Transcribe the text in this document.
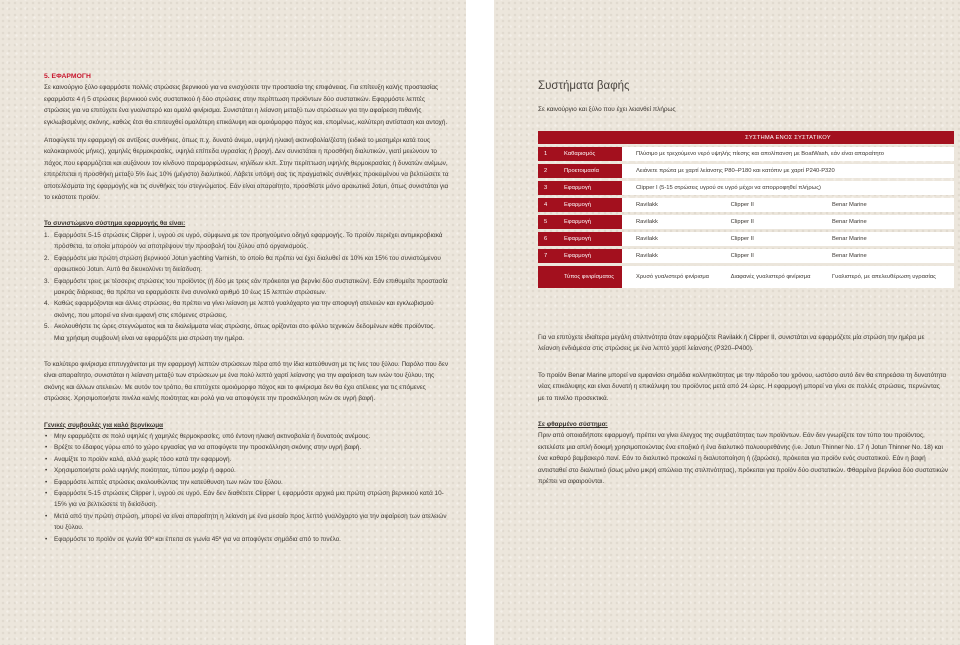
5. ΕΦΑΡΜΟΓΗ

Σε καινούργιο ξύλο εφαρμόστε πολλές στρώσεις βερνικιού για να ενισχύσετε την προστασία της επιφάνειας. Για επίτευξη καλής προστασίας εφαρμόστε 4 ή 5 στρώσεις βερνικιού ενός συστατικού ή δύο στρώσεις στην περίπτωση προϊόντων δύο συστατικών. Εφαρμόστε λεπτές στρώσεις για να επιτύχετε ένα γυαλιστερό και ομαλό φινίρισμα. Συνιστάται η λείανση μεταξύ των στρώσεων για την αφαίρεση πιθανής εγκλωβισμένης σκόνης, καθώς έτσι θα επιτευχθεί ομαλότερη επικάλυψη και ομοιόμορφο πάχος και, επομένως, καλύτερη αντίσταση και αντοχή.

Αποφύγετε την εφαρμογή σε αντίξοες συνθήκες, όπως π.χ. δυνατό άνεμο, υψηλή ηλιακή ακτινοβολία/ζέστη (ειδικά το μεσημέρι κατά τους καλοκαιρινούς μήνες), χαμηλές θερμοκρασίες, υψηλά επίπεδα υγρασίας ή βροχή. Δεν συνιστάται η προσθήκη διαλυτικών, γιατί μειώνουν το πάχος που εφαρμόζεται και αυξάνουν τον κίνδυνο παραμορφώσεων, κηλίδων κλπ. Στην περίπτωση υψηλής θερμοκρασίας ή δυνατών ανέμων, επιτρέπεται η προσθήκη μεταξύ 5% έως 10% (μέγιστο) διαλυτικού. Λάβετε υπόψη σας τις πραγματικές συνθήκες προκειμένου να βελτιώσετε τα αποτελέσματα της εφαρμογής και τις συνθήκες του στεγνώματος. Εάν είναι απαραίτητο, προσθέστε μόνο αραιωτικά Jotun, όπως συνιστάται για το εκάστοτε προϊόν.

Το συνιστώμενο σύστημα εφαρμογής θα είναι:

1. Εφαρμόστε 5-15 στρώσεις Clipper I, υγρού σε υγρό, σύμφωνα με τον προηγούμενο οδηγό εφαρμογής. Το προϊόν περιέχει αντιμικροβιακά πρόσθετα, τα οποία μπορούν να αποτρέψουν την προσβολή του ξύλου από οργανισμούς.
2. Εφαρμόστε μια πρώτη στρώση βερνικιού Jotun yachting Varnish, το οποίο θα πρέπει να έχει διαλυθεί σε 10% και 15% του συνιστώμενου αραιωτικού Jotun. Αυτό θα διευκολύνει τη διείσδυση.
3. Εφαρμόστε τρεις με τέσσερις στρώσεις του προϊόντος (ή δύο με τρεις εάν πρόκειται για βερνίκι δύο συστατικών). Εάν επιθυμείτε προστασία μακράς διάρκειας, θα πρέπει να εφαρμόσετε ένα συνολικό αριθμό 10 έως 15 λεπτών στρώσεων.
4. Καθώς εφαρμόζονται και άλλες στρώσεις, θα πρέπει να γίνει λείανση με λεπτό γυαλόχαρτο για την αποφυγή ατελειών και εγκλωβισμού σκόνης, που μπορεί να είναι εμφανή στις επόμενες στρώσεις.
5. Ακολουθήστε τις ώρες στεγνώματος και τα διαλείμματα νέας στρώσης, όπως ορίζονται στο φύλλο τεχνικών δεδομένων κάθε προϊόντος.
Μια χρήσιμη συμβουλή είναι να εφαρμόζετε μια στρώση την ημέρα.

Το καλύτερο φινίρισμα επιτυγχάνεται με την εφαρμογή λεπτών στρώσεων πέρα από την ίδια κατεύθυνση με τις ίνες του ξύλου. Παρόλο που δεν είναι απαραίτητο, συνιστάται η λείανση μεταξύ των στρώσεων με ένα πολύ λεπτό χαρτί λείανσης για την αφαίρεση των ινών του ξύλου, της σκόνης και άλλων ατελειών. Με αυτόν τον τρόπο, θα επιτύχετε ομοιόμορφο πάχος και το φινίρισμα δεν θα έχει ατέλειες για τις επόμενες στρώσεις. Χρησιμοποιήστε πινέλα καλής ποιότητας και ρολό για να αποφύγετε την προσκόλληση ινών σε υγρή βαφή.

Γενικές συμβουλές για καλό βερνίκωμα

• Μην εφαρμόζετε σε πολύ υψηλές ή χαμηλές θερμοκρασίες, υπό έντονη ηλιακή ακτινοβολία ή δυνατούς ανέμους.
• Βρέξτε το έδαφος γύρω από το χώρο εργασίας για να αποφύγετε την προσκόλληση σκόνης στην υγρή βαφή.
• Αναμίξτε το προϊόν καλά, αλλά χωρίς τόσο κατά την εφαρμογή.
• Χρησιμοποιήστε ρολά υψηλής ποιότητας, τύπου μοχέρ ή αφρού.
• Εφαρμόστε λεπτές στρώσεις ακολουθώντας την κατεύθυνση των ινών του ξύλου.
• Εφαρμόστε 5-15 στρώσεις Clipper I, υγρού σε υγρό. Εάν δεν διαθέτετε Clipper I, εφαρμόστε αρχικά μια πρώτη στρώση βερνικιού κατά 10-15% για να βελτιώσετε τη διείσδυση.
• Μετά από την πρώτη στρώση, μπορεί να είναι απαραίτητη η λείανση με ένα μεσαίο προς λεπτό γυαλόχαρτο για την αφαίρεση των ατελειών του ξύλου.
• Εφαρμόστε το προϊόν σε γωνία 90º και έπειτα σε γωνία 45º για να αποφύγετε σημάδια από το πινέλο.
Συστήματα βαφής
Σε καινούργιο και ξύλο που έχει λειανθεί πλήρως
		ΣΥΣΤΗΜΑ ΕΝΟΣ ΣΥΣΤΑΤΙΚΟΥ		
1	Καθαρισμός	Πλύσιμο με τρεχούμενο νερό υψηλής πίεσης και απολίπανση με BoatWash, εάν είναι απαραίτητο		
2	Προετοιμασία	Λειάνετε πρώτα με χαρτί λείανσης P80–P180 και κατόπιν με χαρτί P240-P320		
3	Εφαρμογή	Clipper I (5-15 στρώσεις υγρού σε υγρό μέχρι να απορροφηθεί πλήρως)		
4	Εφαρμογή	Ravilakk	Clipper II	Benar Marine
5	Εφαρμογή	Ravilakk	Clipper II	Benar Marine
6	Εφαρμογή	Ravilakk	Clipper II	Benar Marine
7	Εφαρμογή	Ravilakk	Clipper II	Benar Marine
	Τύπος φινιρίσματος	Χρυσό γυαλιστερό φινίρισμα	Διαφανές γυαλιστερό φινίρισμα	Γυαλιστερό, με απελευθέρωση υγρασίας

Για να επιτύχετε ιδιαίτερα μεγάλη στιλπνότητα όταν εφαρμόζετε Ravilakk ή Clipper II, συνιστάται να εφαρμόζετε μία στρώση την ημέρα με λείανση ενδιάμεσα στις στρώσεις με ένα λεπτό χαρτί λείανσης (P320–P400).

Το προϊόν Benar Marine μπορεί να εμφανίσει σημάδια κολλητικότητας με την πάροδο του χρόνου, ωστόσο αυτό δεν θα επηρεάσει τη δυνατότητα νέας επικάλυψης και είναι δυνατή η επικάλυψη του προϊόντος μετά από 24 ώρες. Η εφαρμογή μπορεί να γίνει σε πολλές στρώσεις, περνώντας με το πινέλο προσεκτικά.

Σε φθαρμένο σύστημα:

Πριν από οποιαδήποτε εφαρμογή, πρέπει να γίνει έλεγχος της συμβατότητας των προϊόντων. Εάν δεν γνωρίζετε τον τύπο του προϊόντος, εκτελέστε μια απλή δοκιμή χρησιμοποιώντας ένα εποξικό ή ένα διαλυτικό πολυουρεθάνης (i.e. Jotun Thinner No. 17 ή Jotun Thinner No. 18) και ένα καθαρό βαμβακερό πανί. Εάν το διαλυτικό προκαλεί η διαλυτοποίηση ή (ζαρώσει), πρόκειται για προϊόν ενός συστατικού. Εάν η βαφή αντισταθεί στο διαλυτικό (ίσως μόνο μικρή απώλεια της στιλπνότητας), πρόκειται για προϊόν δύο συστατικών. Φθαρμένα βερνίκια δύο συστατικών πρέπει να αφαιρούνται.
